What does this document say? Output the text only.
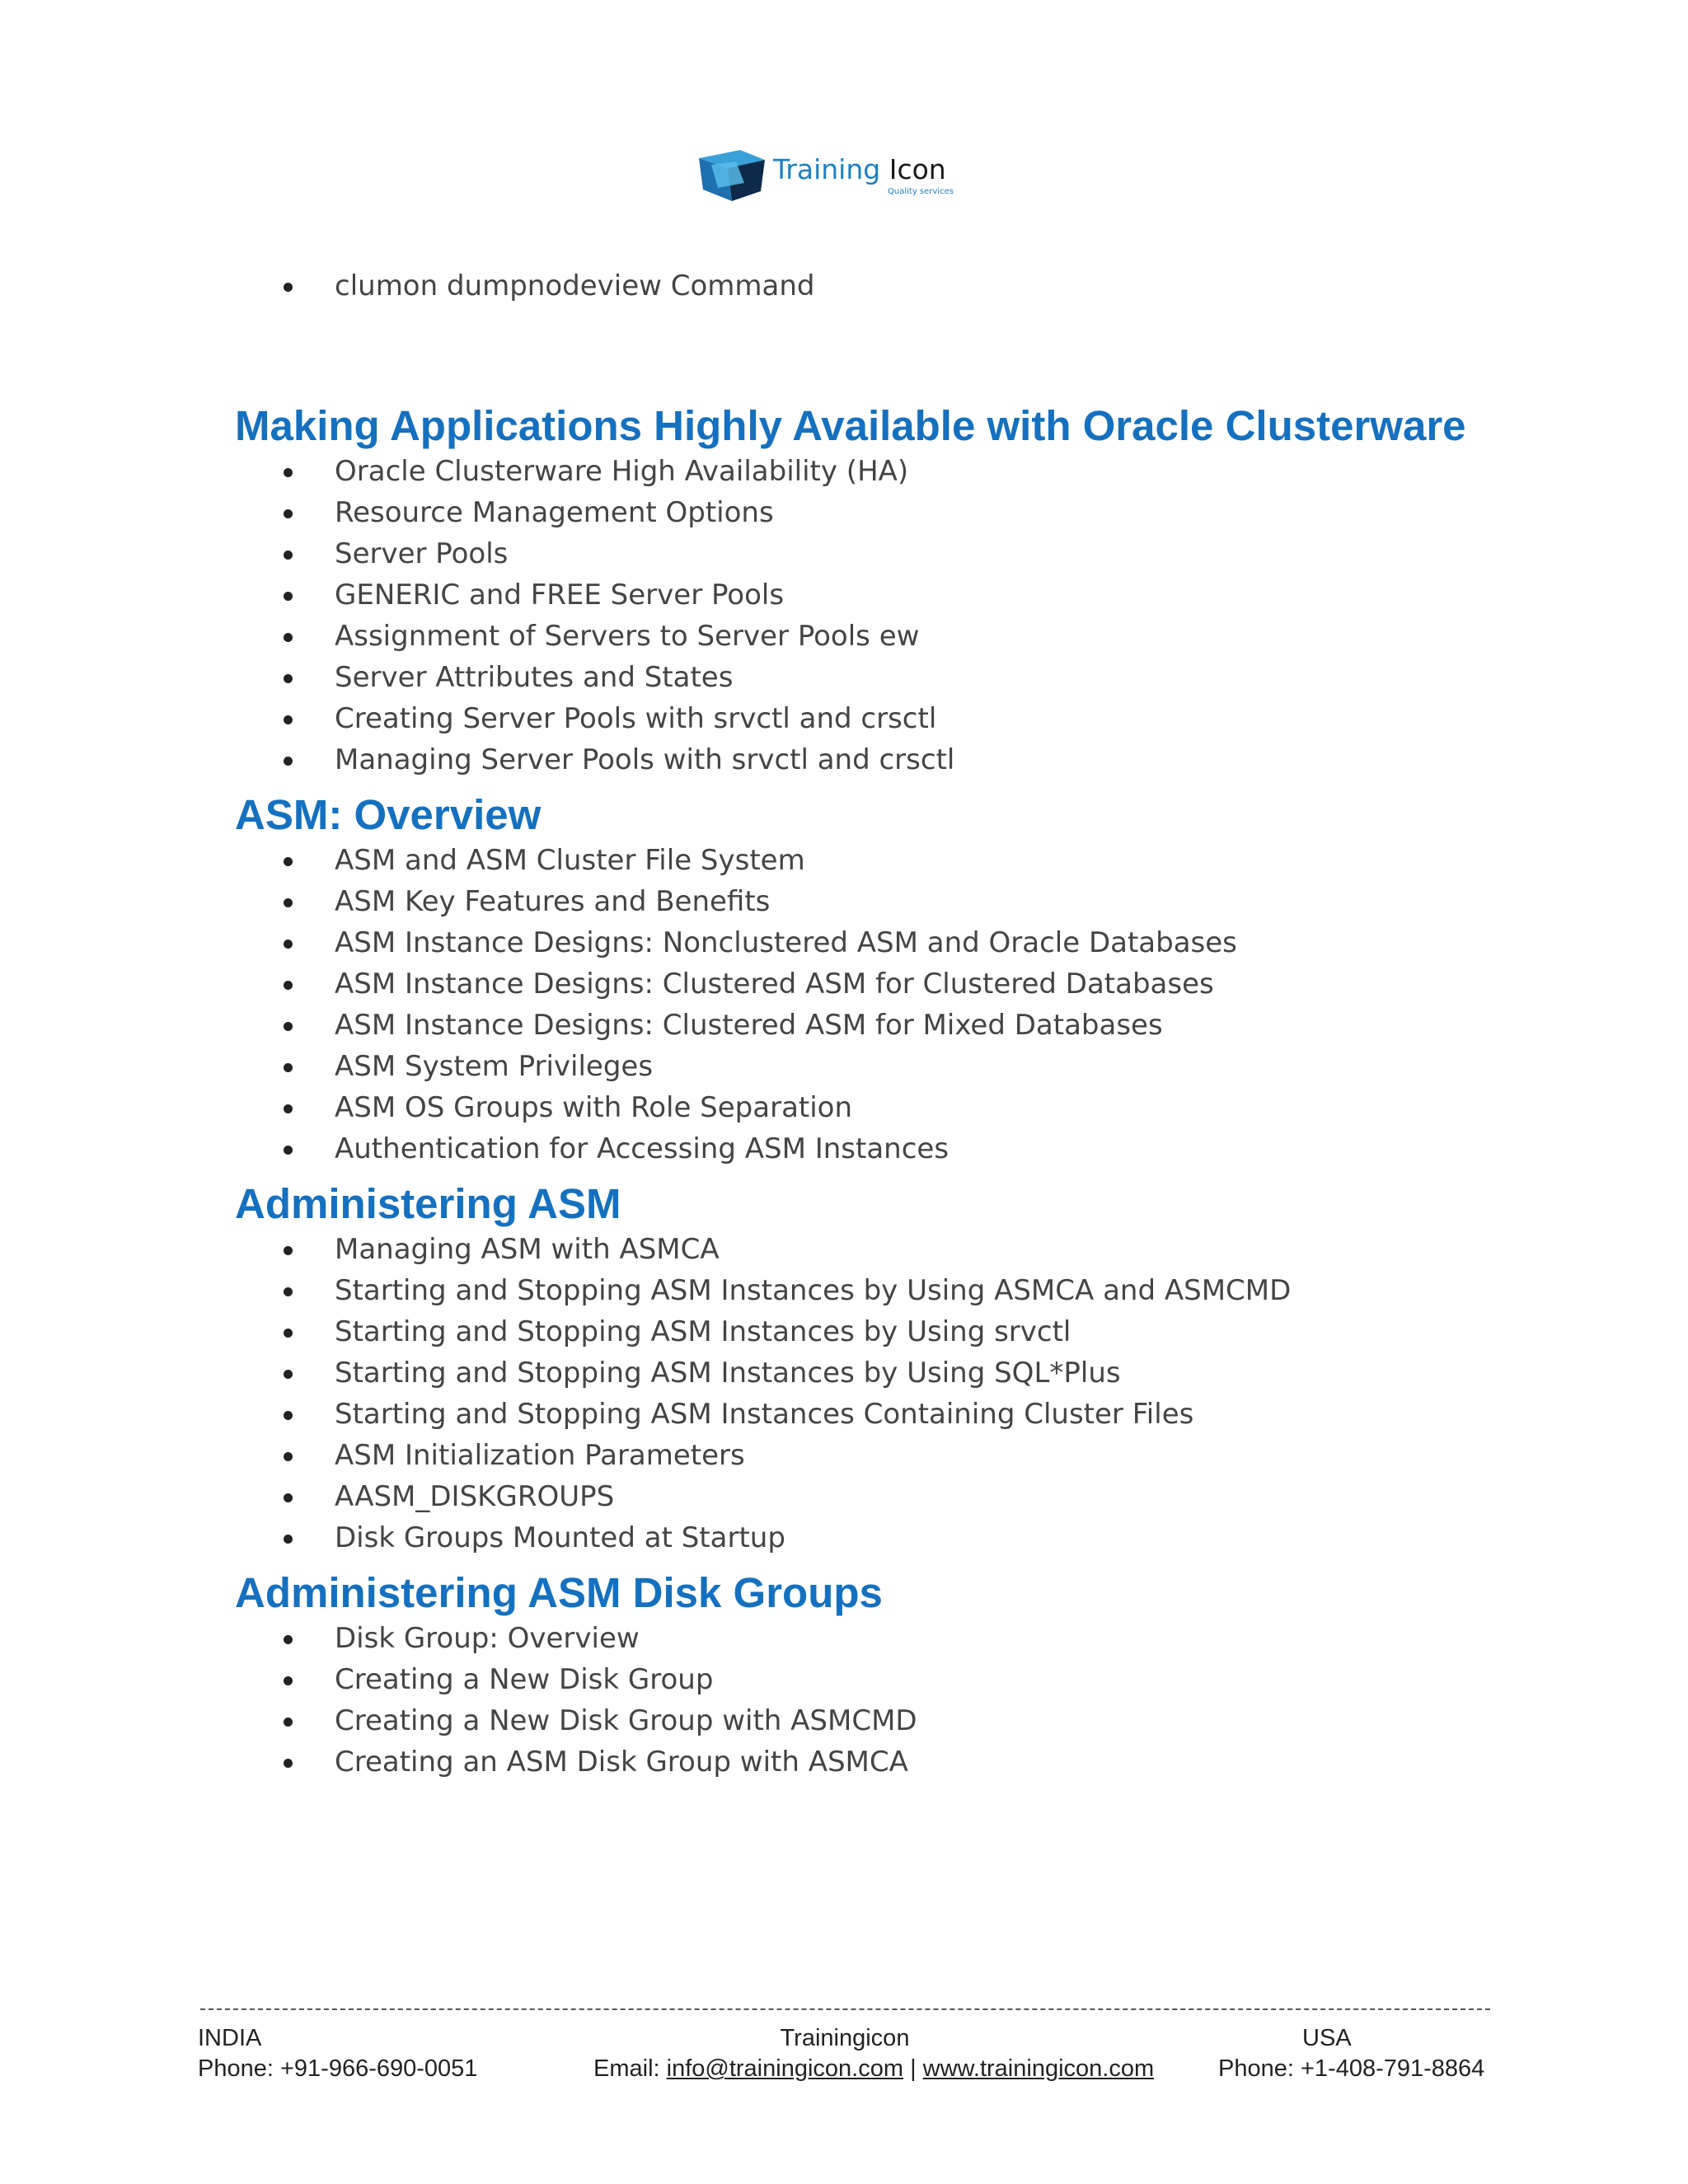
Training Icon
Quality services
clumon dumpnodeview Command
Making Applications Highly Available with Oracle Clusterware
Oracle Clusterware High Availability (HA)
Resource Management Options
Server Pools
GENERIC and FREE Server Pools
Assignment of Servers to Server Pools ew
Server Attributes and States
Creating Server Pools with srvctl and crsctl
Managing Server Pools with srvctl and crsctl
ASM: Overview
ASM and ASM Cluster File System
ASM Key Features and Benefits
ASM Instance Designs: Nonclustered ASM and Oracle Databases
ASM Instance Designs: Clustered ASM for Clustered Databases
ASM Instance Designs: Clustered ASM for Mixed Databases
ASM System Privileges
ASM OS Groups with Role Separation
Authentication for Accessing ASM Instances
Administering ASM
Managing ASM with ASMCA
Starting and Stopping ASM Instances by Using ASMCA and ASMCMD
Starting and Stopping ASM Instances by Using srvctl
Starting and Stopping ASM Instances by Using SQL*Plus
Starting and Stopping ASM Instances Containing Cluster Files
ASM Initialization Parameters
AASM_DISKGROUPS
Disk Groups Mounted at Startup
Administering ASM Disk Groups
Disk Group: Overview
Creating a New Disk Group
Creating a New Disk Group with ASMCMD
Creating an ASM Disk Group with ASMCA
INDIA
Phone: +91-966-690-0051
Trainingicon
Email: info@trainingicon.com | www.trainingicon.com
USA
Phone: +1-408-791-8864
